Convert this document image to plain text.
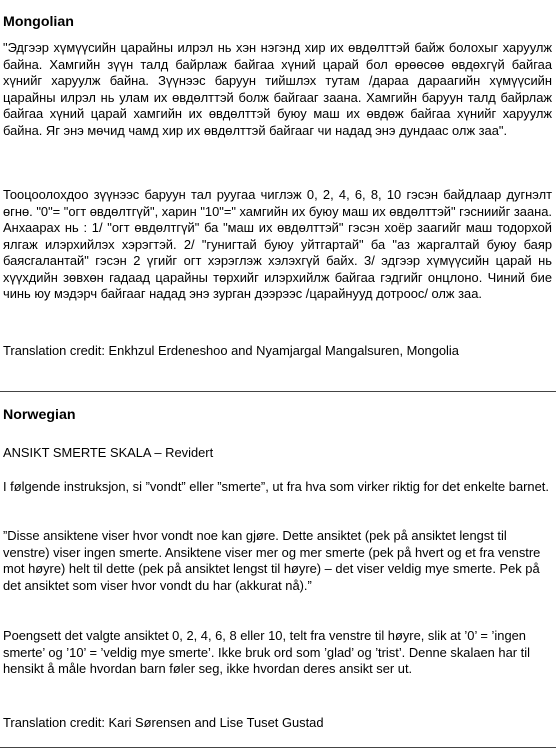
Mongolian
"Эдгээр хүмүүсийн царайны илрэл нь хэн нэгэнд хир их өвдөлттэй байж болохыг харуулж байна. Хамгийн зүүн талд байрлаж байгаа хүний царай бол өрөөсөө өвдөхгүй байгаа хүнийг харуулж байна. Зүүнээс баруун тийшлэх тутам /дараа дараагийн хүмүүсийн царайны илрэл нь улам их өвдөлттэй болж байгааг заана. Хамгийн баруун талд байрлаж байгаа хүний царай хамгийн их өвдөлттэй буюу маш их өвдөж байгаа хүнийг харуулж байна. Яг энэ мөчид чамд хир их өвдөлттэй байгааг чи надад энэ дундаас олж заа".
Тооцоолохдоо зүүнээс баруун тал руугаа чиглэж 0, 2, 4, 6, 8, 10 гэсэн байдлаар дугнэлт өгнө. "0"= "огт өвдөлтгүй", харин "10"=" хамгийн их буюу маш их өвдөлттэй" гэсниийг заана. Анхаарах нь : 1/ "огт өвдөлтгүй" ба "маш их өвдөлттэй" гэсэн хоёр заагийг маш тодорхой ялгаж илэрхийлэх хэрэгтэй. 2/ "гунигтай буюу уйтгартай" ба "аз жаргалтай буюу баяр баясгалантай" гэсэн 2 үгийг огт хэрэглэж хэлэхгүй байх. 3/ эдгээр хүмүүсийн царай нь хүүхдийн зөвхөн гадаад царайны төрхийг илэрхийлж байгаа гэдгийг онцлоно. Чиний бие чинь юу мэдэрч байгааг надад энэ зурган дээрээс /царайнууд дотроос/ олж заа.
Translation credit: Enkhzul Erdeneshoo and Nyamjargal Mangalsuren, Mongolia
Norwegian
ANSIKT SMERTE SKALA – Revidert
I følgende instruksjon, si ”vondt” eller ”smerte”, ut fra hva som virker riktig for det enkelte barnet.
”Disse ansiktene viser hvor vondt noe kan gjøre. Dette ansiktet (pek på ansiktet lengst til venstre) viser ingen smerte. Ansiktene viser mer og mer smerte (pek på hvert og et fra venstre mot høyre) helt til dette (pek på ansiktet lengst til høyre) – det viser veldig mye smerte. Pek på det ansiktet som viser hvor vondt du har (akkurat nå).”
Poengsett det valgte ansiktet 0, 2, 4, 6, 8 eller 10, telt fra venstre til høyre, slik at ’0’ = ’ingen smerte’ og ’10’ = ’veldig mye smerte’. Ikke bruk ord som ’glad’ og ’trist’. Denne skalaen har til hensikt å måle hvordan barn føler seg, ikke hvordan deres ansikt ser ut.
Translation credit: Kari Sørensen and Lise Tuset Gustad
